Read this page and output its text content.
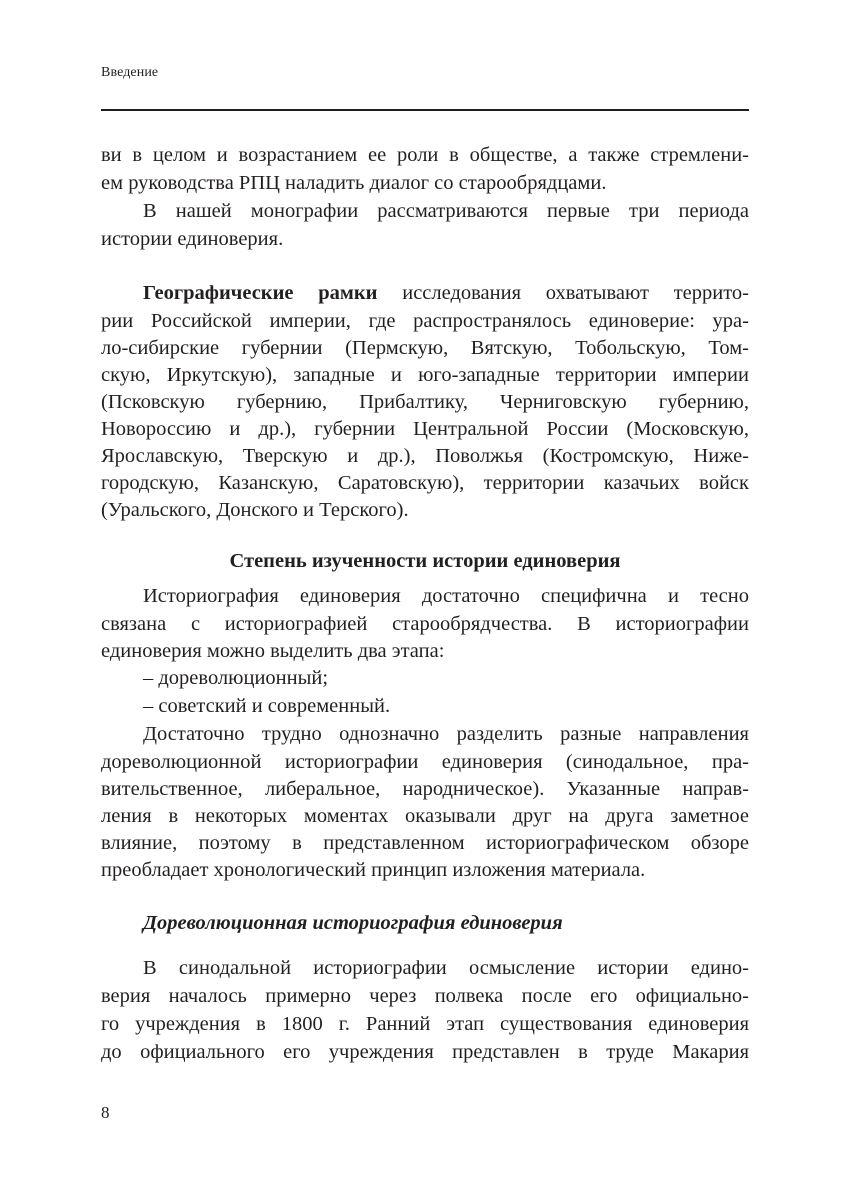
Введение
ви в целом и возрастанием ее роли в обществе, а также стремлени-
ем руководства РПЦ наладить диалог со старообрядцами.
В нашей монографии рассматриваются первые три периода
истории единоверия.
Географические рамки исследования охватывают террито-
рии Российской империи, где распространялось единоверие: ура-
ло-сибирские губернии (Пермскую, Вятскую, Тобольскую, Том-
скую, Иркутскую), западные и юго-западные территории империи
(Псковскую губернию, Прибалтику, Черниговскую губернию,
Новороссию и др.), губернии Центральной России (Московскую,
Ярославскую, Тверскую и др.), Поволжья (Костромскую, Ниже-
городскую, Казанскую, Саратовскую), территории казачьих войск
(Уральского, Донского и Терского).
Степень изученности истории единоверия
Историография единоверия достаточно специфична и тесно
связана с историографией старообрядчества. В историографии
единоверия можно выделить два этапа:
– дореволюционный;
– советский и современный.
Достаточно трудно однозначно разделить разные направления
дореволюционной историографии единоверия (синодальное, пра-
вительственное, либеральное, народническое). Указанные направ-
ления в некоторых моментах оказывали друг на друга заметное
влияние, поэтому в представленном историографическом обзоре
преобладает хронологический принцип изложения материала.
Дореволюционная историография единоверия
В синодальной историографии осмысление истории едино-
верия началось примерно через полвека после его официально-
го учреждения в 1800 г. Ранний этап существования единоверия
до официального его учреждения представлен в труде Макария
8
